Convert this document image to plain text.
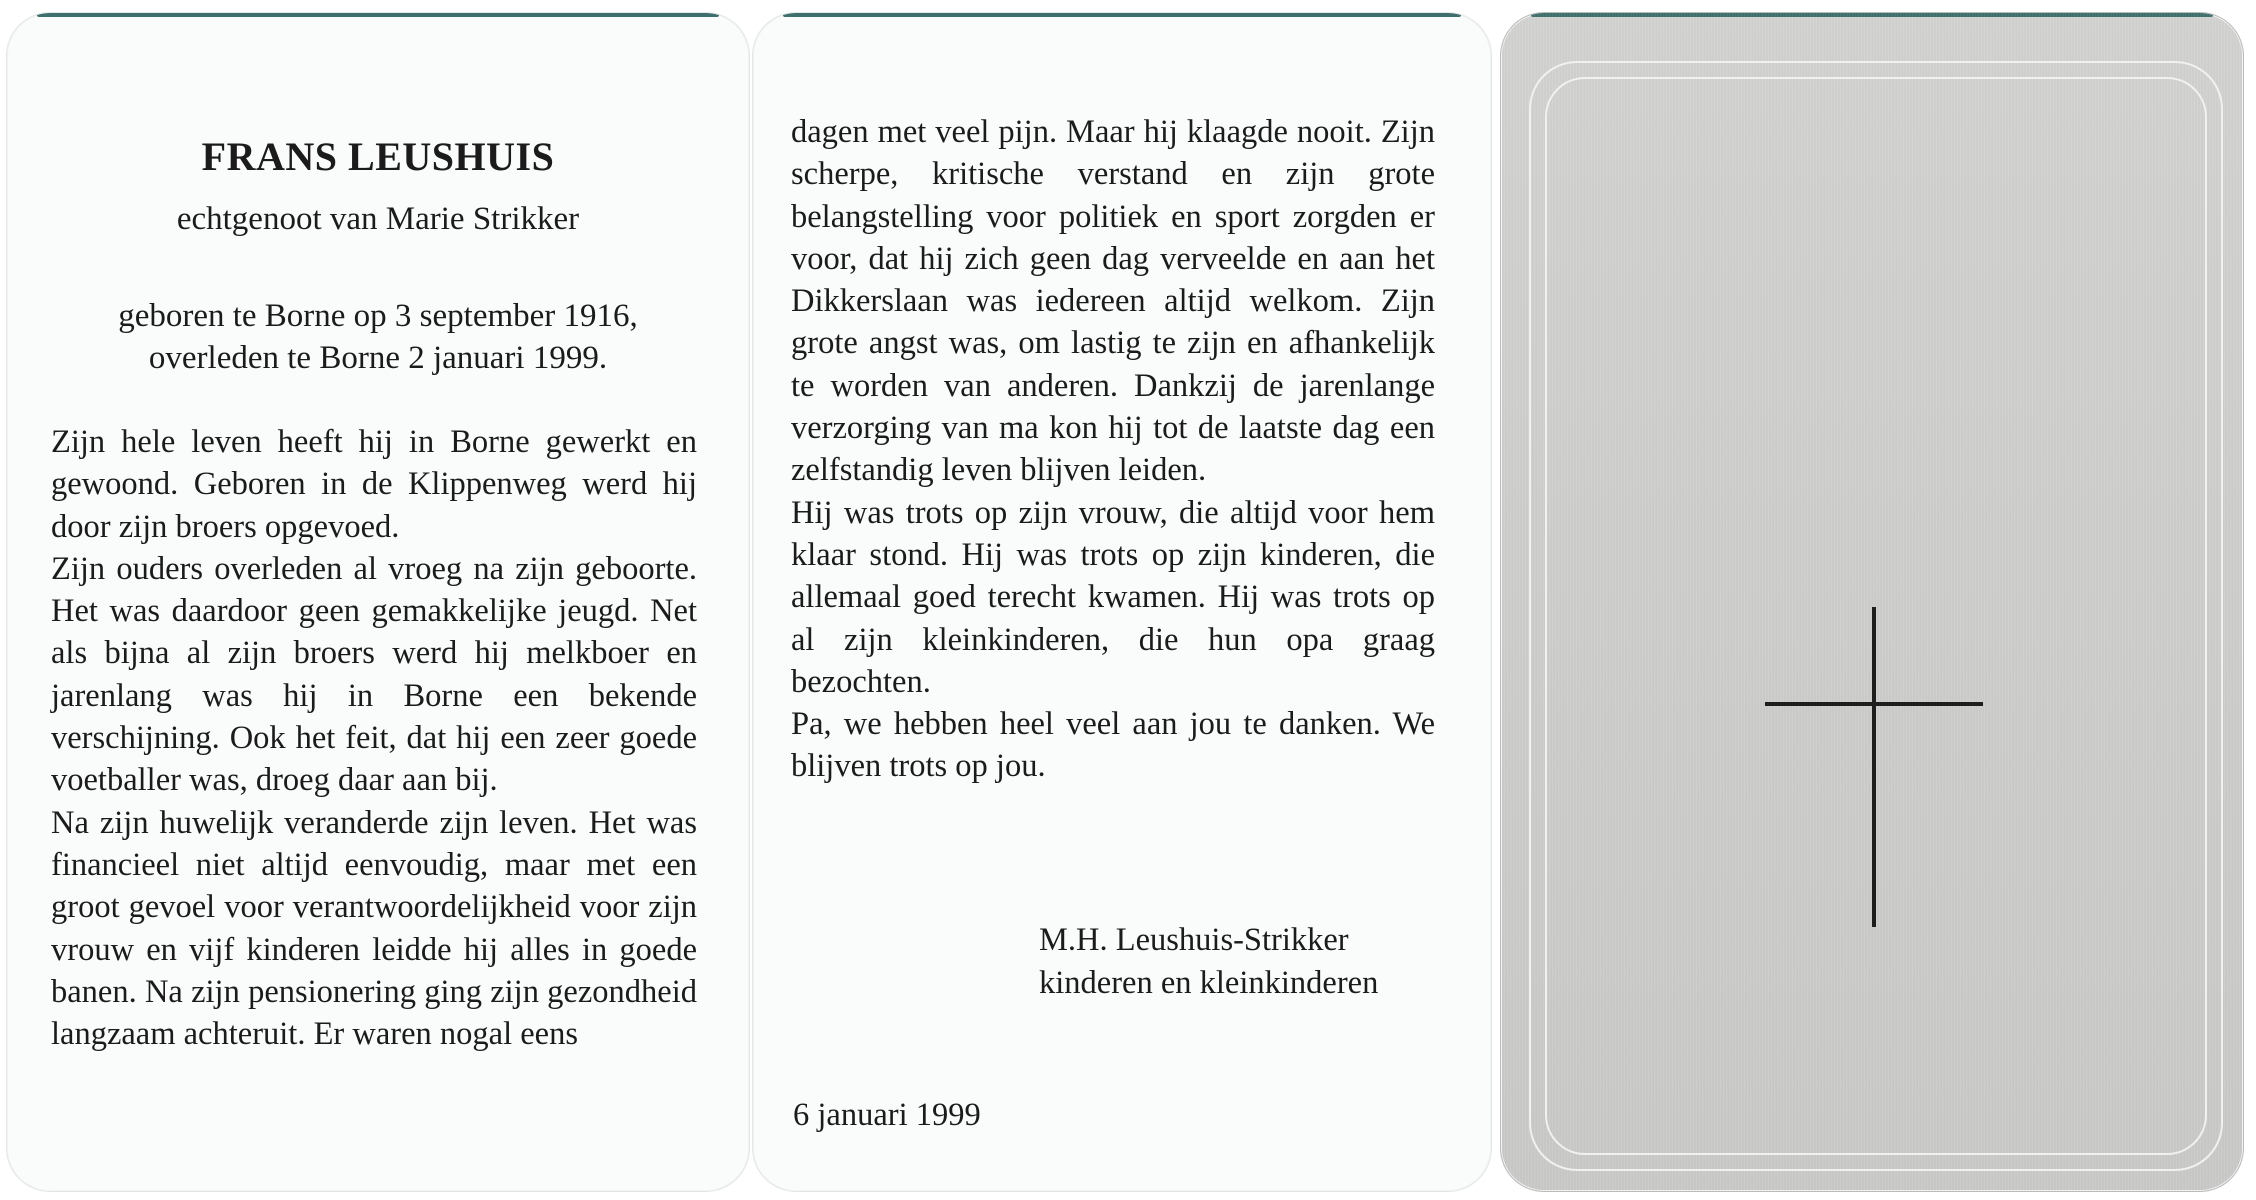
FRANS LEUSHUIS
echtgenoot van Marie Strikker
geboren te Borne op 3 september 1916,
overleden te Borne 2 januari 1999.

Zijn hele leven heeft hij in Borne gewerkt en gewoond. Geboren in de Klippenweg werd hij door zijn broers opgevoed.

Zijn ouders overleden al vroeg na zijn geboorte. Het was daardoor geen gemakkelijke jeugd. Net als bijna al zijn broers werd hij melkboer en jarenlang was hij in Borne een bekende verschijning. Ook het feit, dat hij een zeer goede voetballer was, droeg daar aan bij.

Na zijn huwelijk veranderde zijn leven. Het was financieel niet altijd eenvoudig, maar met een groot gevoel voor verantwoordelijkheid voor zijn vrouw en vijf kinderen leidde hij alles in goede banen. Na zijn pensionering ging zijn gezondheid langzaam achteruit. Er waren nogal eens

dagen met veel pijn. Maar hij klaagde nooit. Zijn scherpe, kritische verstand en zijn grote belangstelling voor politiek en sport zorgden er voor, dat hij zich geen dag verveelde en aan het Dikkerslaan was iedereen altijd welkom. Zijn grote angst was, om lastig te zijn en afhankelijk te worden van anderen. Dankzij de jarenlange verzorging van ma kon hij tot de laatste dag een zelfstandig leven blijven leiden.

Hij was trots op zijn vrouw, die altijd voor hem klaar stond. Hij was trots op zijn kinderen, die allemaal goed terecht kwamen. Hij was trots op al zijn kleinkinderen, die hun opa graag bezochten.

Pa, we hebben heel veel aan jou te danken. We blijven trots op jou.

M.H. Leushuis-Strikker
kinderen en kleinkinderen
6 januari 1999
